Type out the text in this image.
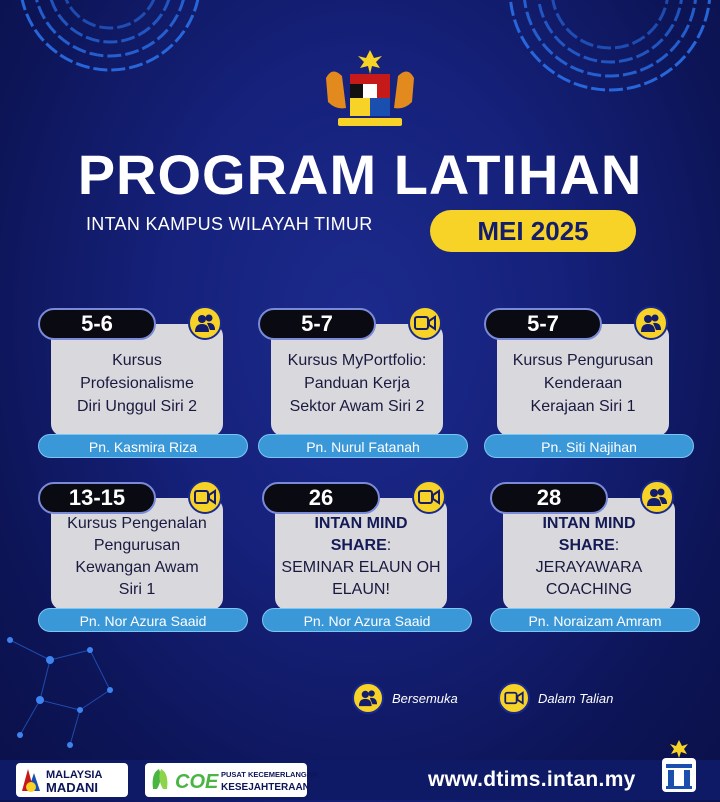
PROGRAM LATIHAN
INTAN KAMPUS WILAYAH TIMUR	MEI 2025
Kursus
Profesionalisme
Diri Unggul Siri 2
5-6
Pn. Kasmira Riza
Kursus MyPortfolio:
Panduan Kerja
Sektor Awam Siri 2
5-7
Pn. Nurul Fatanah
Kursus Pengurusan
Kenderaan
Kerajaan Siri 1
5-7
Pn. Siti Najihan
Kursus Pengenalan
Pengurusan
Kewangan Awam
Siri 1
13-15
Pn. Nor Azura Saaid
INTAN MIND
SHARE:
SEMINAR ELAUN OH
ELAUN!
26
Pn. Nor Azura Saaid
INTAN MIND
SHARE:
JERAYAWARA
COACHING
28
Pn. Noraizam Amram
Bersemuka	Dalam Talian
MALAYSIA
MADANI	COE PUSAT KECEMERLANGAN
KESEJAHTERAAN	www.dtims.intan.my
